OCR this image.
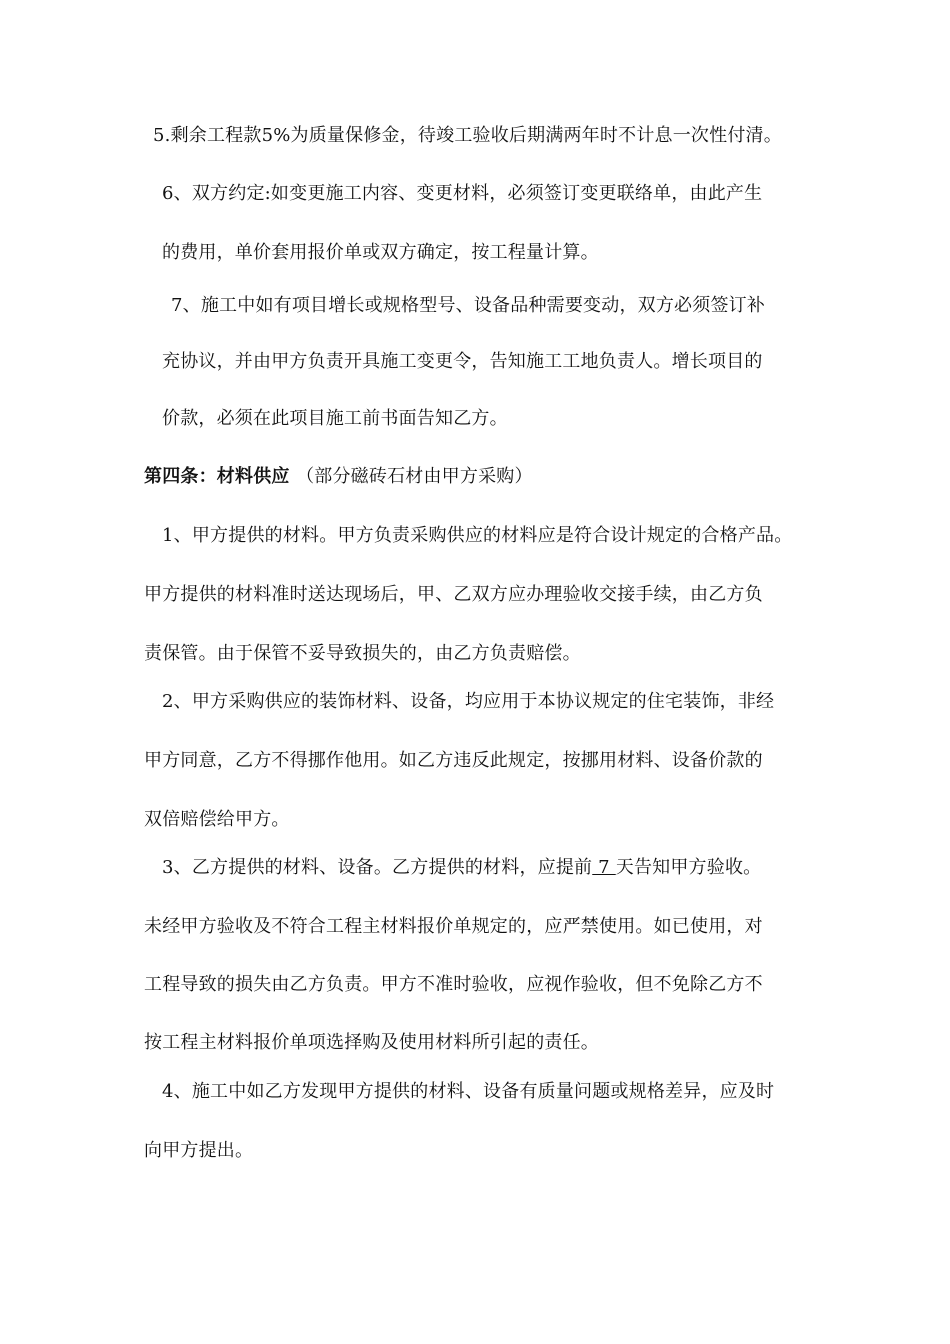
5.剩余工程款5%为质量保修金，待竣工验收后期满两年时不计息一次性付清。
6、双方约定:如变更施工内容、变更材料，必须签订变更联络单，由此产生
的费用，单价套用报价单或双方确定，按工程量计算。
7、施工中如有项目增长或规格型号、设备品种需要变动，双方必须签订补
充协议，并由甲方负责开具施工变更令，告知施工工地负责人。增长项目的
价款，必须在此项目施工前书面告知乙方。
第四条：材料供应 （部分磁砖石材由甲方采购）
1、甲方提供的材料。甲方负责采购供应的材料应是符合设计规定的合格产品。
甲方提供的材料准时送达现场后，甲、乙双方应办理验收交接手续，由乙方负
责保管。由于保管不妥导致损失的，由乙方负责赔偿。
2、甲方采购供应的装饰材料、设备，均应用于本协议规定的住宅装饰，非经
甲方同意，乙方不得挪作他用。如乙方违反此规定，按挪用材料、设备价款的
双倍赔偿给甲方。
3、乙方提供的材料、设备。乙方提供的材料，应提前 7 天告知甲方验收。
未经甲方验收及不符合工程主材料报价单规定的，应严禁使用。如已使用，对
工程导致的损失由乙方负责。甲方不准时验收，应视作验收，但不免除乙方不
按工程主材料报价单项选择购及使用材料所引起的责任。
4、施工中如乙方发现甲方提供的材料、设备有质量问题或规格差异，应及时
向甲方提出。
